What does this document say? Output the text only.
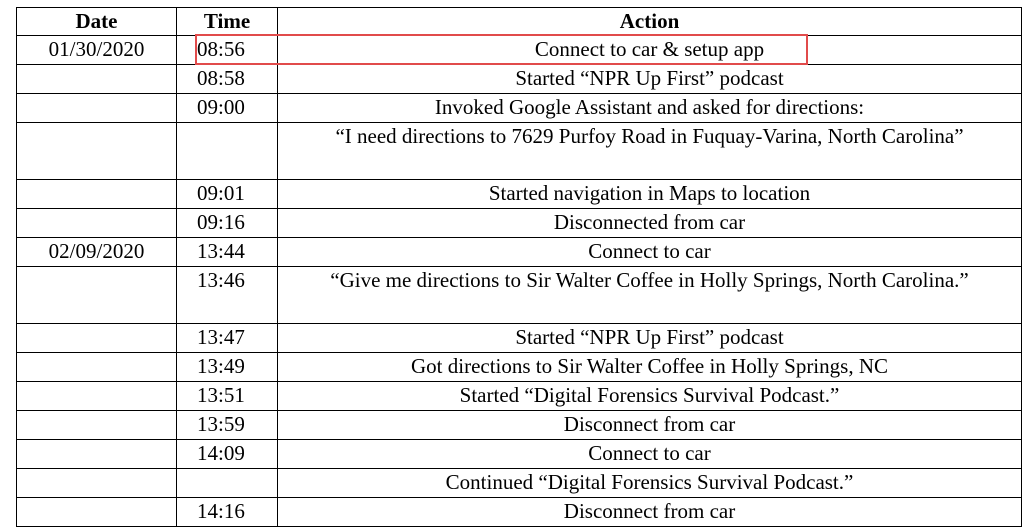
Date	Time	Action
01/30/2020	08:56	Connect to car & setup app
	08:58	Started “NPR Up First” podcast
	09:00	Invoked Google Assistant and asked for directions:
		“I need directions to 7629 Purfoy Road in Fuquay-Varina, North Carolina”
	09:01	Started navigation in Maps to location
	09:16	Disconnected from car
02/09/2020	13:44	Connect to car
	13:46	“Give me directions to Sir Walter Coffee in Holly Springs, North Carolina.”
	13:47	Started “NPR Up First” podcast
	13:49	Got directions to Sir Walter Coffee in Holly Springs, NC
	13:51	Started “Digital Forensics Survival Podcast.”
	13:59	Disconnect from car
	14:09	Connect to car
		Continued “Digital Forensics Survival Podcast.”
	14:16	Disconnect from car
